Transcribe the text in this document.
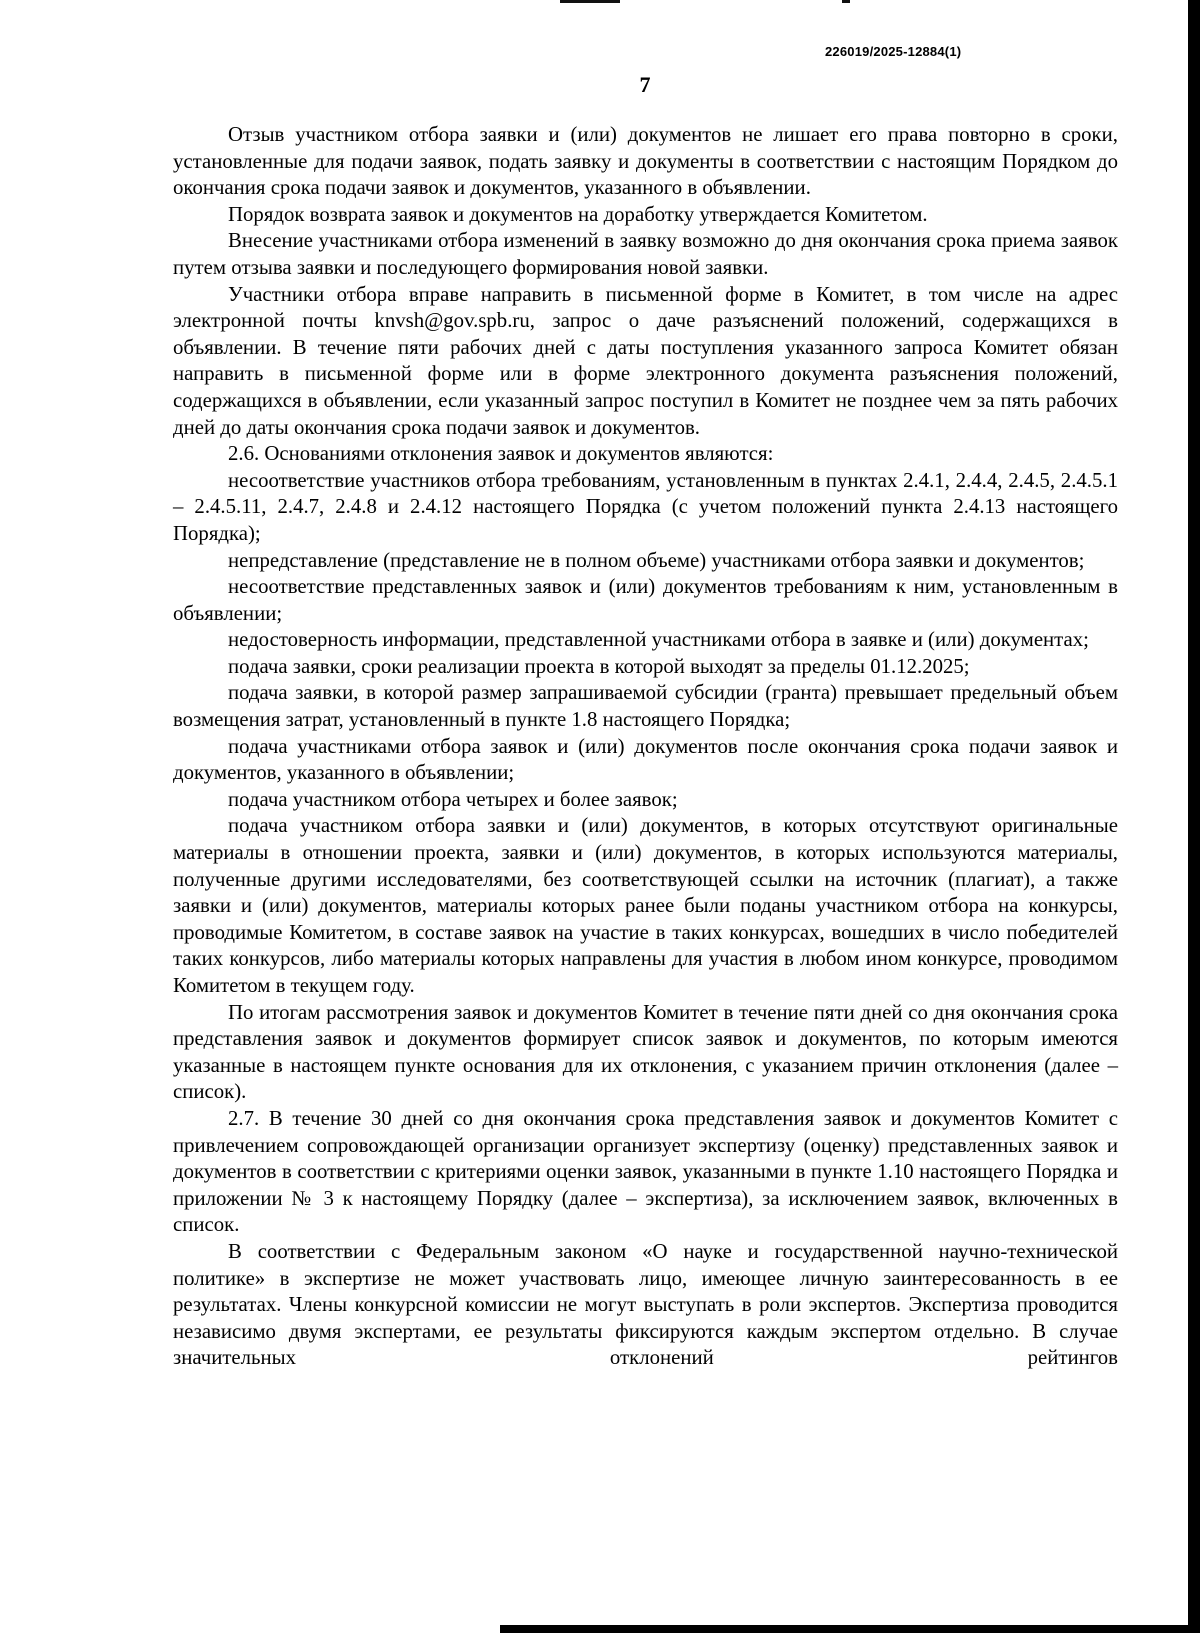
226019/2025-12884(1)
7

Отзыв участником отбора заявки и (или) документов не лишает его права повторно в сроки, установленные для подачи заявок, подать заявку и документы в соответствии с настоящим Порядком до окончания срока подачи заявок и документов, указанного в объявлении.

Порядок возврата заявок и документов на доработку утверждается Комитетом.

Внесение участниками отбора изменений в заявку возможно до дня окончания срока приема заявок путем отзыва заявки и последующего формирования новой заявки.

Участники отбора вправе направить в письменной форме в Комитет, в том числе на адрес электронной почты knvsh@gov.spb.ru, запрос о даче разъяснений положений, содержащихся в объявлении. В течение пяти рабочих дней с даты поступления указанного запроса Комитет обязан направить в письменной форме или в форме электронного документа разъяснения положений, содержащихся в объявлении, если указанный запрос поступил в Комитет не позднее чем за пять рабочих дней до даты окончания срока подачи заявок и документов.

2.6. Основаниями отклонения заявок и документов являются:

несоответствие участников отбора требованиям, установленным в пунктах 2.4.1, 2.4.4, 2.4.5, 2.4.5.1 – 2.4.5.11, 2.4.7, 2.4.8 и 2.4.12 настоящего Порядка (с учетом положений пункта 2.4.13 настоящего Порядка);

непредставление (представление не в полном объеме) участниками отбора заявки и документов;

несоответствие представленных заявок и (или) документов требованиям к ним, установленным в объявлении;

недостоверность информации, представленной участниками отбора в заявке и (или) документах;

подача заявки, сроки реализации проекта в которой выходят за пределы 01.12.2025;

подача заявки, в которой размер запрашиваемой субсидии (гранта) превышает предельный объем возмещения затрат, установленный в пункте 1.8 настоящего Порядка;

подача участниками отбора заявок и (или) документов после окончания срока подачи заявок и документов, указанного в объявлении;

подача участником отбора четырех и более заявок;

подача участником отбора заявки и (или) документов, в которых отсутствуют оригинальные материалы в отношении проекта, заявки и (или) документов, в которых используются материалы, полученные другими исследователями, без соответствующей ссылки на источник (плагиат), а также заявки и (или) документов, материалы которых ранее были поданы участником отбора на конкурсы, проводимые Комитетом, в составе заявок на участие в таких конкурсах, вошедших в число победителей таких конкурсов, либо материалы которых направлены для участия в любом ином конкурсе, проводимом Комитетом в текущем году.

По итогам рассмотрения заявок и документов Комитет в течение пяти дней со дня окончания срока представления заявок и документов формирует список заявок и документов, по которым имеются указанные в настоящем пункте основания для их отклонения, с указанием причин отклонения (далее – список).

2.7. В течение 30 дней со дня окончания срока представления заявок и документов Комитет с привлечением сопровождающей организации организует экспертизу (оценку) представленных заявок и документов в соответствии с критериями оценки заявок, указанными в пункте 1.10 настоящего Порядка и приложении № 3 к настоящему Порядку (далее – экспертиза), за исключением заявок, включенных в список.

В соответствии с Федеральным законом «О науке и государственной научно-технической политике» в экспертизе не может участвовать лицо, имеющее личную заинтересованность в ее результатах. Члены конкурсной комиссии не могут выступать в роли экспертов. Экспертиза проводится независимо двумя экспертами, ее результаты фиксируются каждым экспертом отдельно. В случае значительных отклонений рейтингов
